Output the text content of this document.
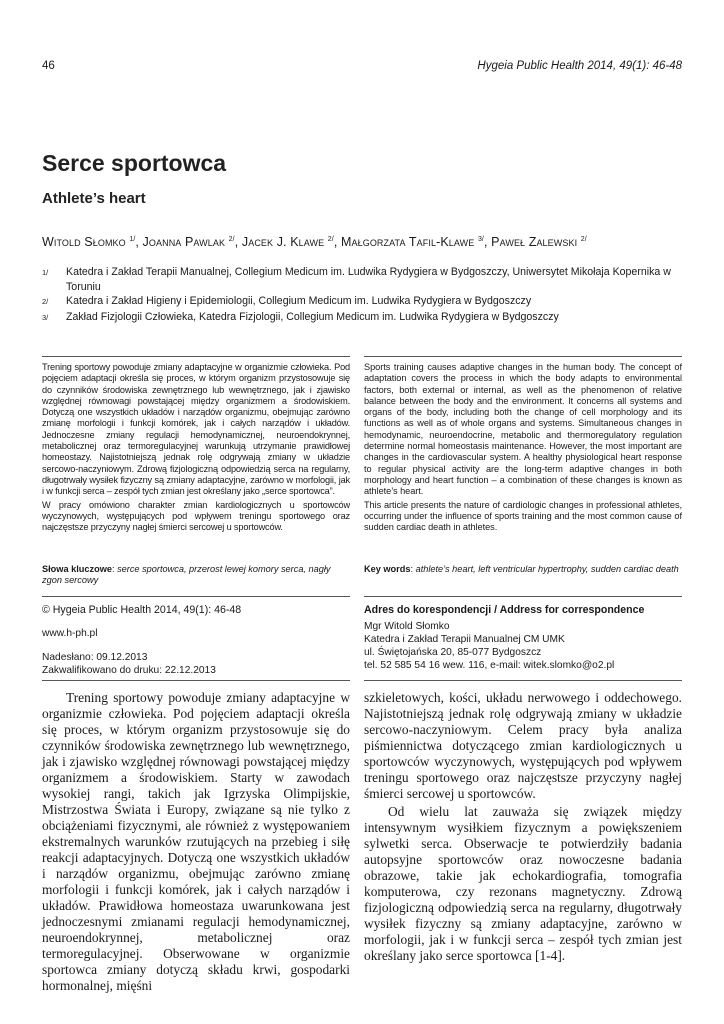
46	Hygeia Public Health 2014, 49(1): 46-48
Serce sportowca
Athlete’s heart
Witold Słomko $^{1/}$, Joanna Pawlak $^{2/}$, Jacek J. Klawe $^{2/}$, Małgorzata Tafil-Klawe $^{3/}$, Paweł Zalewski $^{2/}$
1/	Katedra i Zakład Terapii Manualnej, Collegium Medicum im. Ludwika Rydygiera w Bydgoszczy, Uniwersytet Mikołaja Kopernika w Toruniu
2/	Katedra i Zakład Higieny i Epidemiologii, Collegium Medicum im. Ludwika Rydygiera w Bydgoszczy
3/	Zakład Fizjologii Człowieka, Katedra Fizjologii, Collegium Medicum im. Ludwika Rydygiera w Bydgoszczy

Trening sportowy powoduje zmiany adaptacyjne w organizmie człowieka. Pod pojęciem adaptacji określa się proces, w którym organizm przystosowuje się do czynników środowiska zewnętrznego lub wewnętrznego, jak i zjawisko względnej równowagi powstającej między organizmem a środowiskiem. Dotyczą one wszystkich układów i narządów organizmu, obejmując zarówno zmianę morfologii i funkcji komórek, jak i całych narządów i układów. Jednoczesne zmiany regulacji hemodynamicznej, neuroendokrynnej, metabolicznej oraz termoregulacyjnej warunkują utrzymanie prawidłowej homeostazy. Najistotniejszą jednak rolę odgrywają zmiany w układzie sercowo-naczyniowym. Zdrową fizjologiczną odpowiedzią serca na regularny, długotrwały wysiłek fizyczny są zmiany adaptacyjne, zarówno w morfologii, jak i w funkcji serca – zespół tych zmian jest określany jako „serce sportowca”.

W pracy omówiono charakter zmian kardiologicznych u sportowców wyczynowych, występujących pod wpływem treningu sportowego oraz najczęstsze przyczyny nagłej śmierci sercowej u sportowców.

Sports training causes adaptive changes in the human body. The concept of adaptation covers the process in which the body adapts to environmental factors, both external or internal, as well as the phenomenon of relative balance between the body and the environment. It concerns all systems and organs of the body, including both the change of cell morphology and its functions as well as of whole organs and systems. Simultaneous changes in hemodynamic, neuroendocrine, metabolic and thermoregulatory regulation determine normal homeostasis maintenance. However, the most important are changes in the cardiovascular system. A healthy physiological heart response to regular physical activity are the long-term adaptive changes in both morphology and heart function – a combination of these changes is known as athlete’s heart.

This article presents the nature of cardiologic changes in professional athletes, occurring under the influence of sports training and the most common cause of sudden cardiac death in athletes.

Słowa kluczowe: serce sportowca, przerost lewej komory serca, nagły zgon sercowy
Key words: athlete’s heart, left ventricular hypertrophy, sudden cardiac death
© Hygeia Public Health 2014, 49(1): 46-48
www.h-ph.pl
Nadesłano: 09.12.2013
Zakwalifikowano do druku: 22.12.2013
Adres do korespondencji / Address for correspondence
Mgr Witold Słomko
Katedra i Zakład Terapii Manualnej CM UMK
ul. Świętojańska 20, 85-077 Bydgoszcz
tel. 52 585 54 16 wew. 116, e-mail: witek.slomko@o2.pl

Trening sportowy powoduje zmiany adaptacyjne w organizmie człowieka. Pod pojęciem adaptacji określa się proces, w którym organizm przystosowuje się do czynników środowiska zewnętrznego lub wewnętrznego, jak i zjawisko względnej równowagi powstającej między organizmem a środowiskiem. Starty w zawodach wysokiej rangi, takich jak Igrzyska Olimpijskie, Mistrzostwa Świata i Europy, związane są nie tylko z obciążeniami fizycznymi, ale również z występowaniem ekstremalnych warunków rzutujących na przebieg i siłę reakcji adaptacyjnych. Dotyczą one wszystkich układów i narządów organizmu, obejmując zarówno zmianę morfologii i funkcji komórek, jak i całych narządów i układów. Prawidłowa homeostaza uwarunkowana jest jednoczesnymi zmianami regulacji hemodynamicznej, neuroendokrynnej, metabolicznej oraz termoregulacyjnej. Obserwowane w organizmie sportowca zmiany dotyczą składu krwi, gospodarki hormonalnej, mięśni

szkieletowych, kości, układu nerwowego i oddechowego. Najistotniejszą jednak rolę odgrywają zmiany w układzie sercowo-naczyniowym. Celem pracy była analiza piśmiennictwa dotyczącego zmian kardiologicznych u sportowców wyczynowych, występujących pod wpływem treningu sportowego oraz najczęstsze przyczyny nagłej śmierci sercowej u sportowców.

Od wielu lat zauważa się związek między intensywnym wysiłkiem fizycznym a powiększeniem sylwetki serca. Obserwacje te potwierdziły badania autopsyjne sportowców oraz nowoczesne badania obrazowe, takie jak echokardiografia, tomografia komputerowa, czy rezonans magnetyczny. Zdrową fizjologiczną odpowiedzią serca na regularny, długotrwały wysiłek fizyczny są zmiany adaptacyjne, zarówno w morfologii, jak i w funkcji serca – zespół tych zmian jest określany jako serce sportowca [1-4].
